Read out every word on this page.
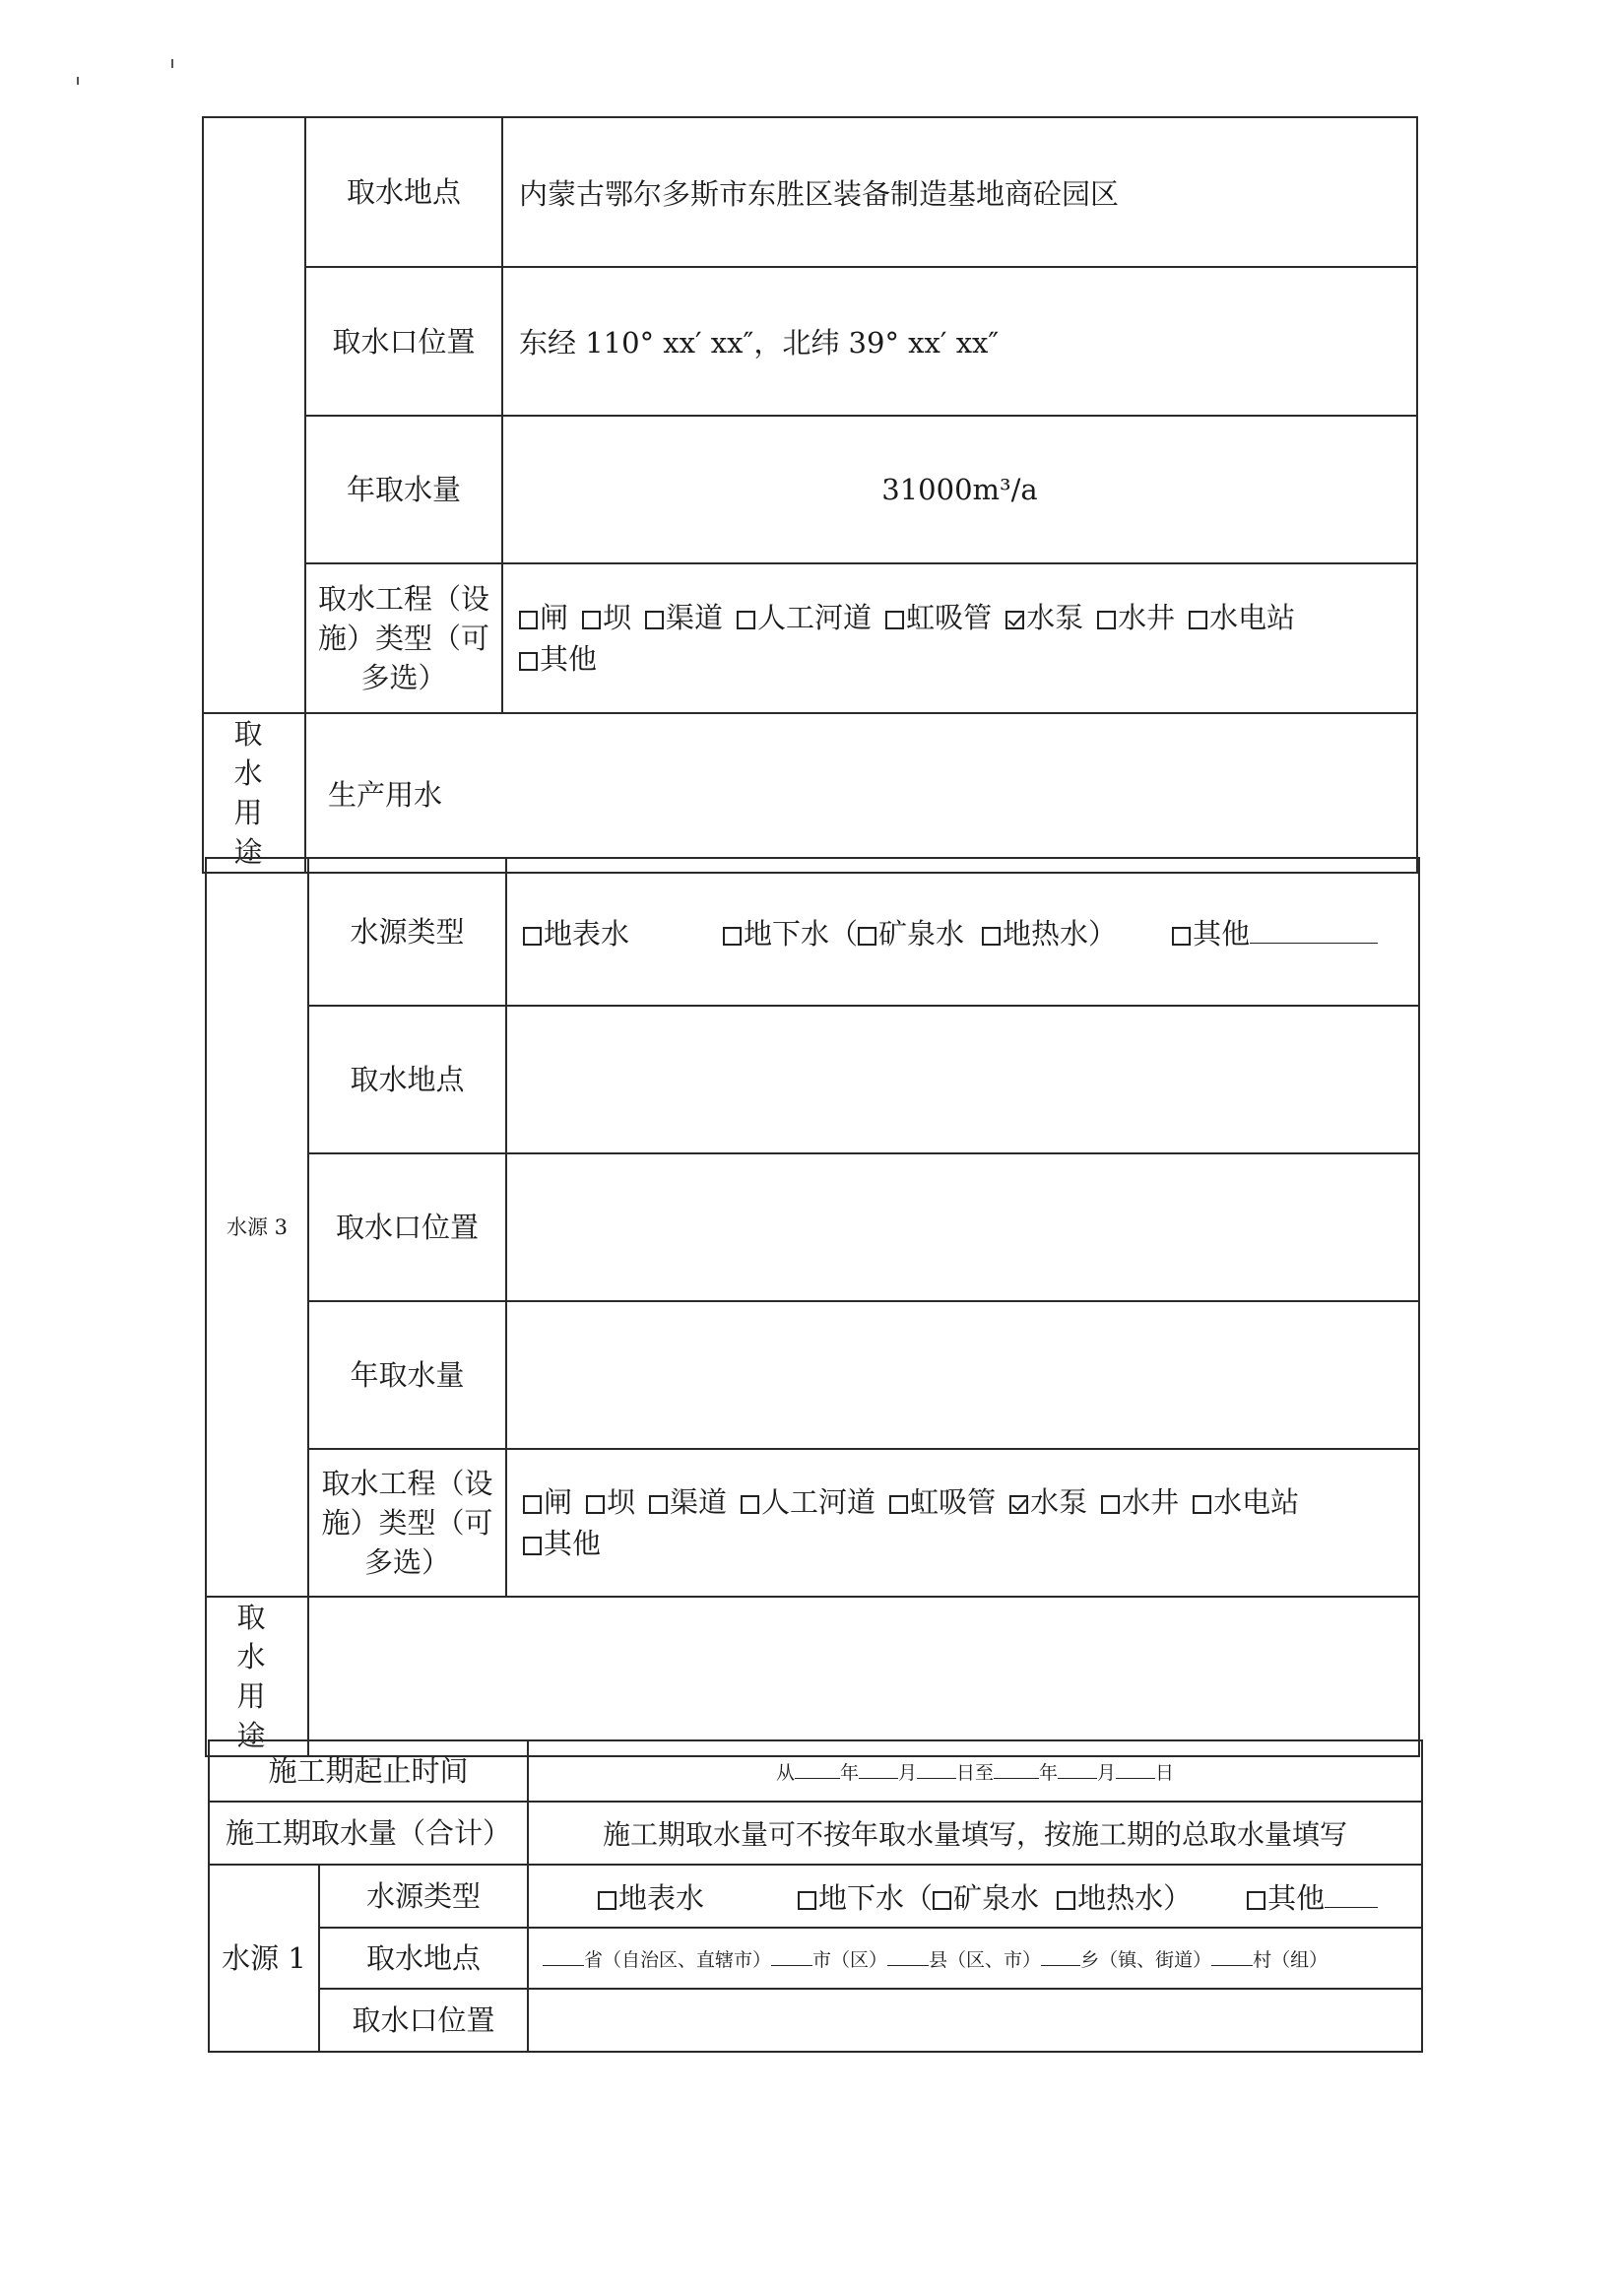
	取水地点	内蒙古鄂尔多斯市东胜区装备制造基地商砼园区
	取水口位置	东经 110° xx′ xx″，北纬 39° xx′ xx″
	年取水量	31000m³/a
	取水工程（设施）类型（可多选）	闸 坝 渠道 人工河道 虹吸管 水泵 水井 水电站
其他
取水用途	生产用水	
水源 3	水源类型	地表水 地下水（ 矿泉水 地热水） 其他
	取水地点	
	取水口位置	
	年取水量	
	取水工程（设施）类型（可多选）	闸 坝 渠道 人工河道 虹吸管 水泵 水井 水电站
其他
取水用途		
施工期起止时间		从 年 月 日至 年 月 日
施工期取水量（合计）		施工期取水量可不按年取水量填写，按施工期的总取水量填写
水源 1	水源类型	地表水 地下水（ 矿泉水 地热水） 其他
	取水地点	省（自治区、直辖市） 市（区） 县（区、市） 乡（镇、街道） 村（组）
	取水口位置	
